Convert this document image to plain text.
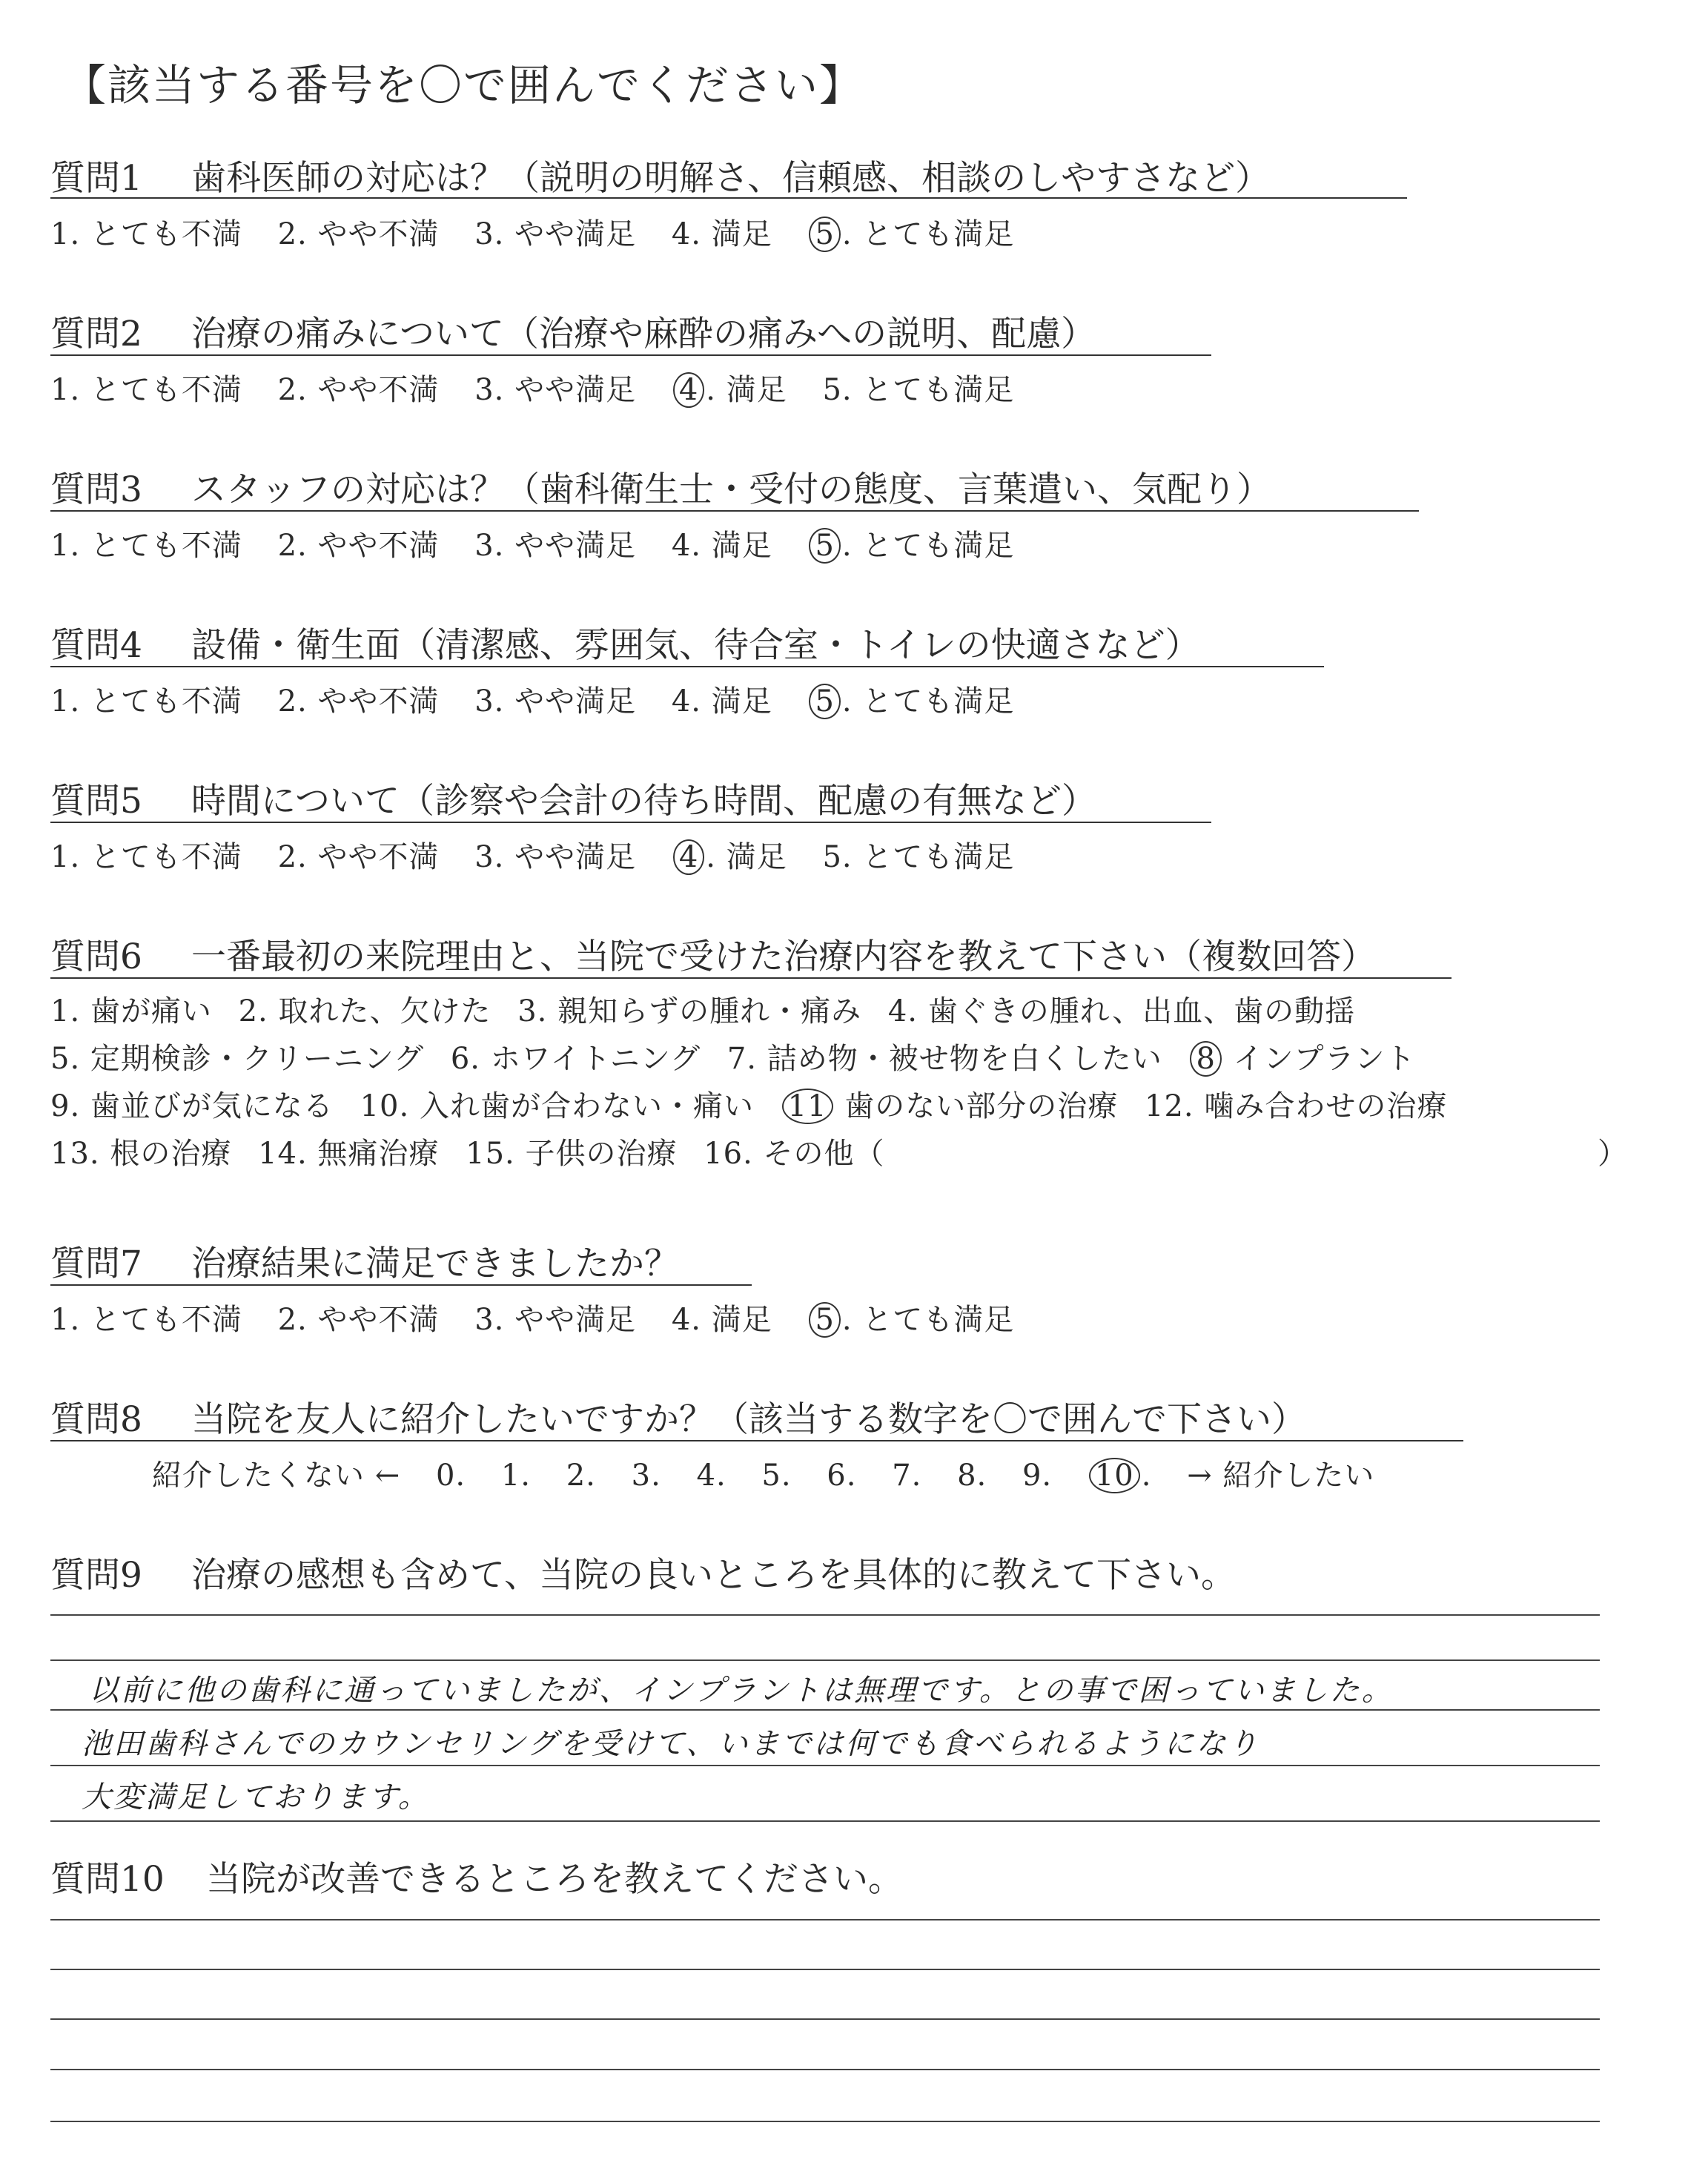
【該当する番号を〇で囲んでください】
質問1 歯科医師の対応は？（説明の明解さ、信頼感、相談のしやすさなど）
1. とても不満 2. やや不満 3. やや満足 4. 満足 5 . とても満足
質問2 治療の痛みについて（治療や麻酔の痛みへの説明、配慮）
1. とても不満 2. やや不満 3. やや満足 4 . 満足 5. とても満足
質問3 スタッフの対応は？（歯科衛生士・受付の態度、言葉遣い、気配り）
1. とても不満 2. やや不満 3. やや満足 4. 満足 5 . とても満足
質問4 設備・衛生面（清潔感、雰囲気、待合室・トイレの快適さなど）
1. とても不満 2. やや不満 3. やや満足 4. 満足 5 . とても満足
質問5 時間について（診察や会計の待ち時間、配慮の有無など）
1. とても不満 2. やや不満 3. やや満足 4 . 満足 5. とても満足
質問6 一番最初の来院理由と、当院で受けた治療内容を教えて下さい（複数回答）
1. 歯が痛い 2. 取れた、欠けた 3. 親知らずの腫れ・痛み 4. 歯ぐきの腫れ、出血、歯の動揺
5. 定期検診・クリーニング 6. ホワイトニング 7. 詰め物・被せ物を白くしたい 8 インプラント
9. 歯並びが気になる 10. 入れ歯が合わない・痛い 11 歯のない部分の治療 12. 噛み合わせの治療
13. 根の治療 14. 無痛治療 15. 子供の治療 16. その他（	）
質問7 治療結果に満足できましたか？
1. とても不満 2. やや不満 3. やや満足 4. 満足 5 . とても満足
質問8 当院を友人に紹介したいですか？（該当する数字を〇で囲んで下さい）
紹介したくない ← 0. 1. 2. 3. 4. 5. 6. 7. 8. 9. 10 . → 紹介したい
質問9 治療の感想も含めて、当院の良いところを具体的に教えて下さい。
以前に他の歯科に通っていましたが、インプラントは無理です。との事で困っていました。
池田歯科さんでのカウンセリングを受けて、いまでは何でも食べられるようになり
大変満足しております。
質問10 当院が改善できるところを教えてください。
